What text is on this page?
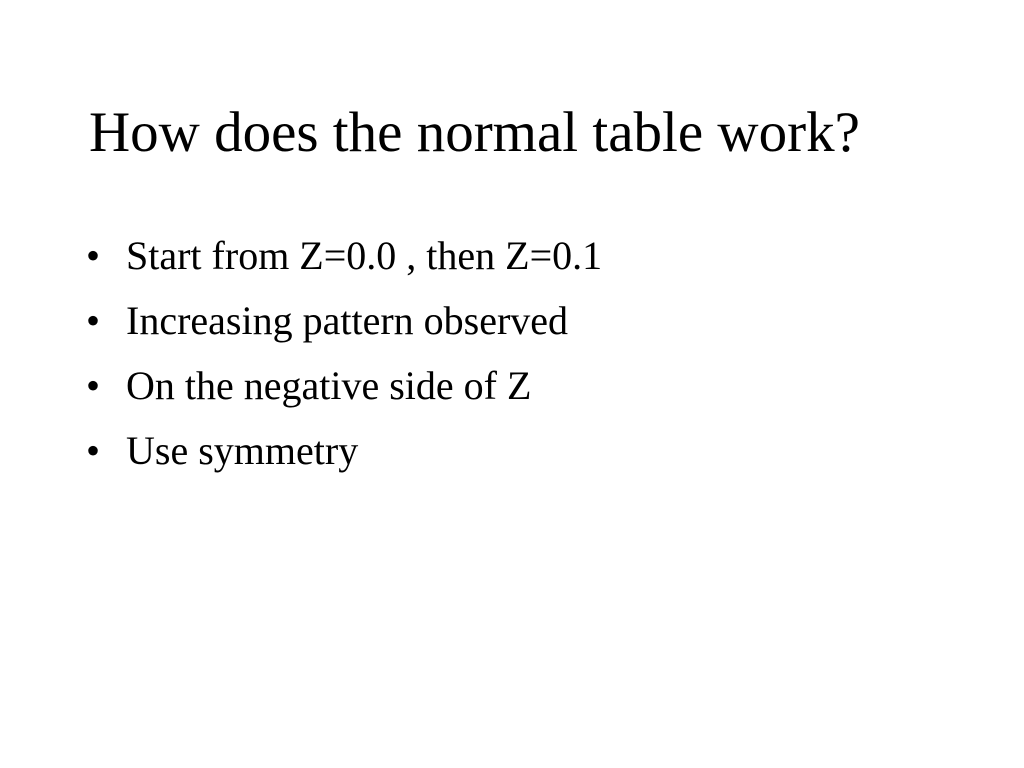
How does the normal table work?
• Start from Z=0.0 , then Z=0.1
• Increasing pattern observed
• On the negative side of Z
• Use symmetry
